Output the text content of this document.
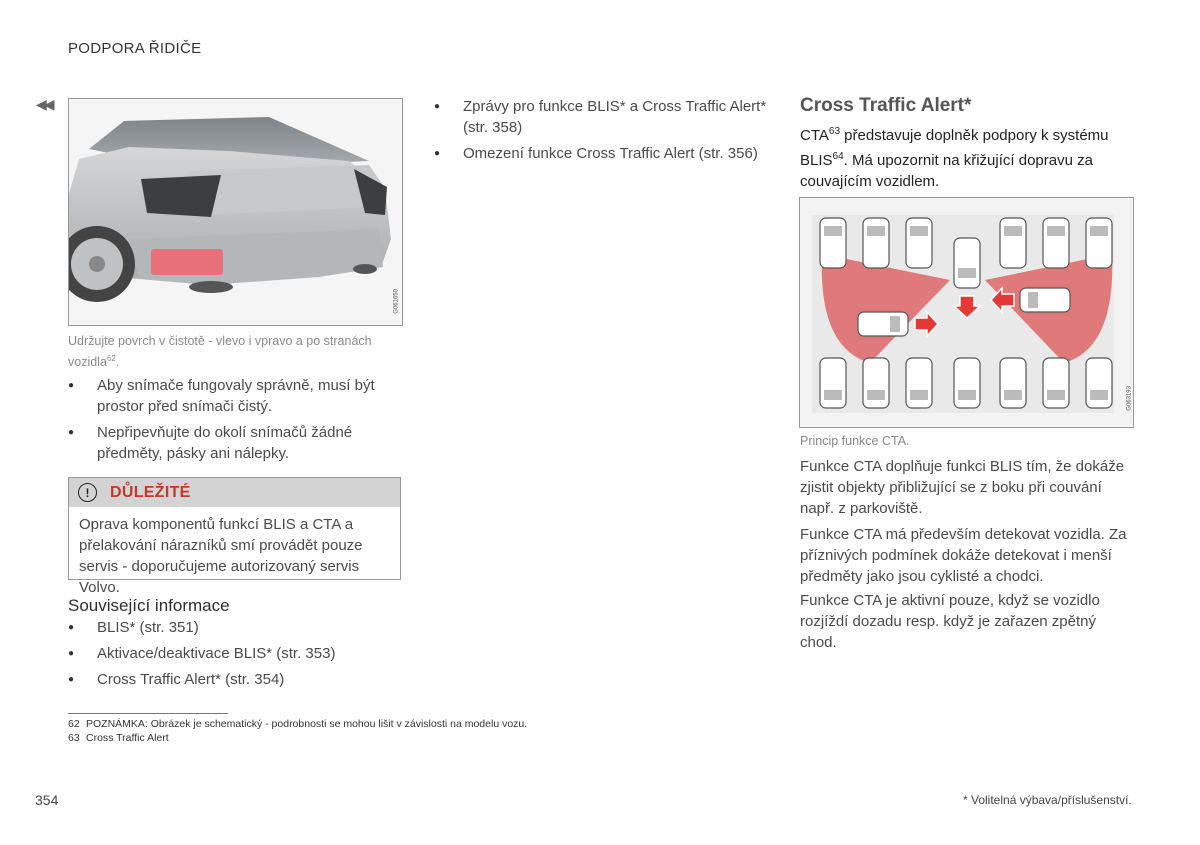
PODPORA ŘIDIČE
◀◀
G061650
Udržujte povrch v čistotě - vlevo i vpravo a po stranách vozidla$^{62}$.
● Aby snímače fungovaly správně, musí být prostor před snímači čistý.
● Nepřipevňujte do okolí snímačů žádné předměty, pásky ani nálepky.
!	DŮLEŽITÉ
Oprava komponentů funkcí BLIS a CTA a přelakování nárazníků smí provádět pouze servis - doporučujeme autorizovaný servis Volvo.
Související informace
● BLIS* (str. 351)
● Aktivace/deaktivace BLIS* (str. 353)
● Cross Traffic Alert* (str. 354)
● Zprávy pro funkce BLIS* a Cross Traffic Alert* (str. 358)
● Omezení funkce Cross Traffic Alert (str. 356)
Cross Traffic Alert*
CTA$^{63}$ představuje doplněk podpory k systému BLIS$^{64}$. Má upozornit na křižující dopravu za couvajícím vozidlem.
G063193
Princip funkce CTA.
Funkce CTA doplňuje funkci BLIS tím, že dokáže zjistit objekty přibližující se z boku při couvání např. z parkoviště.
Funkce CTA má především detekovat vozidla. Za příznivých podmínek dokáže detekovat i menší předměty jako jsou cyklisté a chodci.
Funkce CTA je aktivní pouze, když se vozidlo rozjíždí dozadu resp. když je zařazen zpětný chod.
62 POZNÁMKA: Obrázek je schematický - podrobnosti se mohou lišit v závislosti na modelu vozu.
63 Cross Traffic Alert
354	* Volitelná výbava/příslušenství.
